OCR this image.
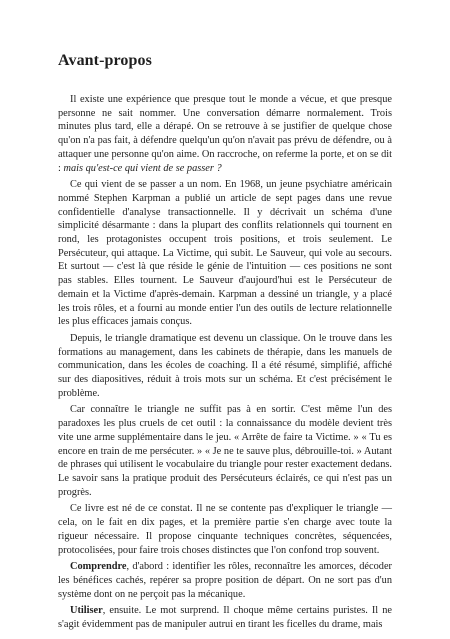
Avant-propos

Il existe une expérience que presque tout le monde a vécue, et que presque personne ne sait nommer. Une conversation démarre normalement. Trois minutes plus tard, elle a dérapé. On se retrouve à se justifier de quelque chose qu'on n'a pas fait, à défendre quelqu'un qu'on n'avait pas prévu de défendre, ou à attaquer une personne qu'on aime. On raccroche, on referme la porte, et on se dit : mais qu'est-ce qui vient de se passer ?

Ce qui vient de se passer a un nom. En 1968, un jeune psychiatre américain nommé Stephen Karpman a publié un article de sept pages dans une revue confidentielle d'analyse transactionnelle. Il y décrivait un schéma d'une simplicité désarmante : dans la plupart des conflits relationnels qui tournent en rond, les protagonistes occupent trois positions, et trois seulement. Le Persécuteur, qui attaque. La Victime, qui subit. Le Sauveur, qui vole au secours. Et surtout — c'est là que réside le génie de l'intuition — ces positions ne sont pas stables. Elles tournent. Le Sauveur d'aujourd'hui est le Persécuteur de demain et la Victime d'après-demain. Karpman a dessiné un triangle, y a placé les trois rôles, et a fourni au monde entier l'un des outils de lecture relationnelle les plus efficaces jamais conçus.

Depuis, le triangle dramatique est devenu un classique. On le trouve dans les formations au management, dans les cabinets de thérapie, dans les manuels de communication, dans les écoles de coaching. Il a été résumé, simplifié, affiché sur des diapositives, réduit à trois mots sur un schéma. Et c'est précisément le problème.

Car connaître le triangle ne suffit pas à en sortir. C'est même l'un des paradoxes les plus cruels de cet outil : la connaissance du modèle devient très vite une arme supplémentaire dans le jeu. « Arrête de faire ta Victime. » « Tu es encore en train de me persécuter. » « Je ne te sauve plus, débrouille-toi. » Autant de phrases qui utilisent le vocabulaire du triangle pour rester exactement dedans. Le savoir sans la pratique produit des Persécuteurs éclairés, ce qui n'est pas un progrès.

Ce livre est né de ce constat. Il ne se contente pas d'expliquer le triangle — cela, on le fait en dix pages, et la première partie s'en charge avec toute la rigueur nécessaire. Il propose cinquante techniques concrètes, séquencées, protocolisées, pour faire trois choses distinctes que l'on confond trop souvent.

Comprendre, d'abord : identifier les rôles, reconnaître les amorces, décoder les bénéfices cachés, repérer sa propre position de départ. On ne sort pas d'un système dont on ne perçoit pas la mécanique.

Utiliser, ensuite. Le mot surprend. Il choque même certains puristes. Il ne s'agit évidemment pas de manipuler autrui en tirant les ficelles du drame, mais
